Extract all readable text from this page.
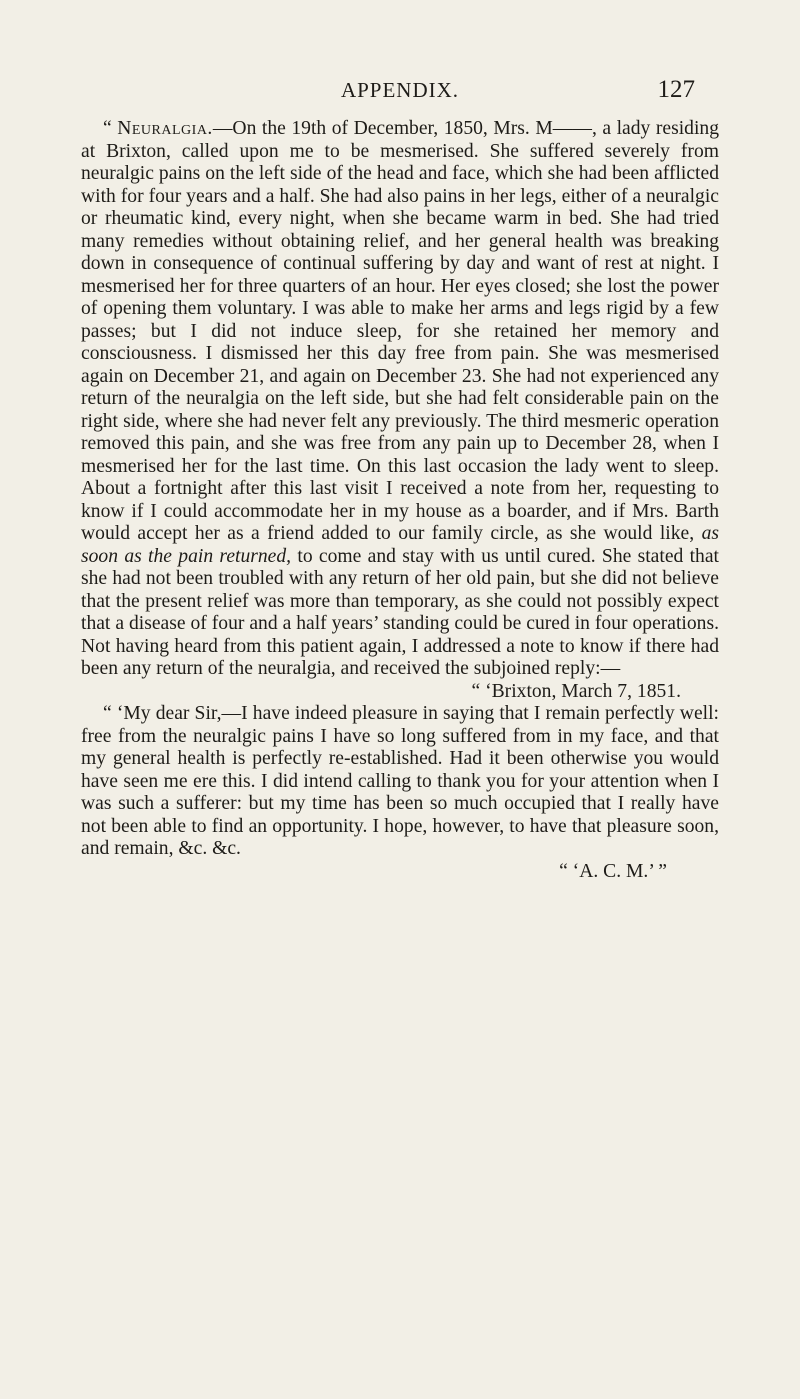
APPENDIX.	127

“ Neuralgia.—On the 19th of December, 1850, Mrs. M——, a lady residing at Brixton, called upon me to be mesmerised. She suffered severely from neuralgic pains on the left side of the head and face, which she had been afflicted with for four years and a half. She had also pains in her legs, either of a neuralgic or rheumatic kind, every night, when she became warm in bed. She had tried many remedies without obtaining relief, and her general health was breaking down in consequence of continual suffering by day and want of rest at night. I mesmerised her for three quarters of an hour. Her eyes closed; she lost the power of opening them voluntary. I was able to make her arms and legs rigid by a few passes; but I did not induce sleep, for she retained her memory and consciousness. I dismissed her this day free from pain. She was mesmerised again on December 21, and again on December 23. She had not experienced any return of the neuralgia on the left side, but she had felt considerable pain on the right side, where she had never felt any previously. The third mesmeric operation removed this pain, and she was free from any pain up to December 28, when I mesmerised her for the last time. On this last occasion the lady went to sleep. About a fortnight after this last visit I received a note from her, requesting to know if I could accommodate her in my house as a boarder, and if Mrs. Barth would accept her as a friend added to our family circle, as she would like, as soon as the pain returned, to come and stay with us until cured. She stated that she had not been troubled with any return of her old pain, but she did not believe that the present relief was more than temporary, as she could not possibly expect that a disease of four and a half years’ standing could be cured in four operations. Not having heard from this patient again, I addressed a note to know if there had been any return of the neuralgia, and received the subjoined reply:—

“ ‘Brixton, March 7, 1851.

“ ‘My dear Sir,—I have indeed pleasure in saying that I remain perfectly well: free from the neuralgic pains I have so long suffered from in my face, and that my general health is perfectly re-established. Had it been otherwise you would have seen me ere this. I did intend calling to thank you for your attention when I was such a sufferer: but my time has been so much occupied that I really have not been able to find an opportunity. I hope, however, to have that pleasure soon, and remain, &c. &c.

“ ‘A. C. M.’ ”
